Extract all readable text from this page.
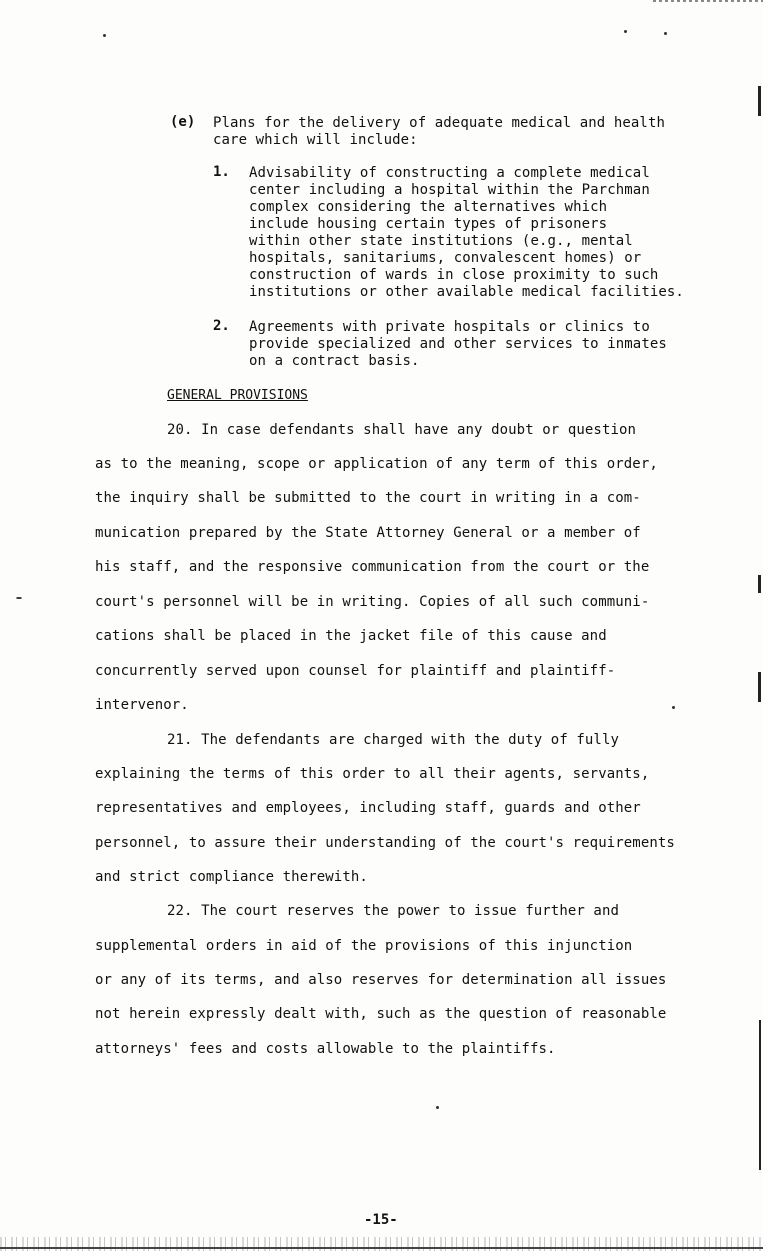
(e) Plans for the delivery of adequate medical and health
care which will include:
1. Advisability of constructing a complete medical
center including a hospital within the Parchman
complex considering the alternatives which
include housing certain types of prisoners
within other state institutions (e.g., mental
hospitals, sanitariums, convalescent homes) or
construction of wards in close proximity to such
institutions or other available medical facilities.
2. Agreements with private hospitals or clinics to
provide specialized and other services to inmates
on a contract basis.
GENERAL PROVISIONS
20. In case defendants shall have any doubt or question
as to the meaning, scope or application of any term of this order,
the inquiry shall be submitted to the court in writing in a com-
munication prepared by the State Attorney General or a member of
his staff, and the responsive communication from the court or the
court's personnel will be in writing. Copies of all such communi-
cations shall be placed in the jacket file of this cause and
concurrently served upon counsel for plaintiff and plaintiff-
intervenor.
21. The defendants are charged with the duty of fully
explaining the terms of this order to all their agents, servants,
representatives and employees, including staff, guards and other
personnel, to assure their understanding of the court's requirements
and strict compliance therewith.
22. The court reserves the power to issue further and
supplemental orders in aid of the provisions of this injunction
or any of its terms, and also reserves for determination all issues
not herein expressly dealt with, such as the question of reasonable
attorneys' fees and costs allowable to the plaintiffs.
-15-
